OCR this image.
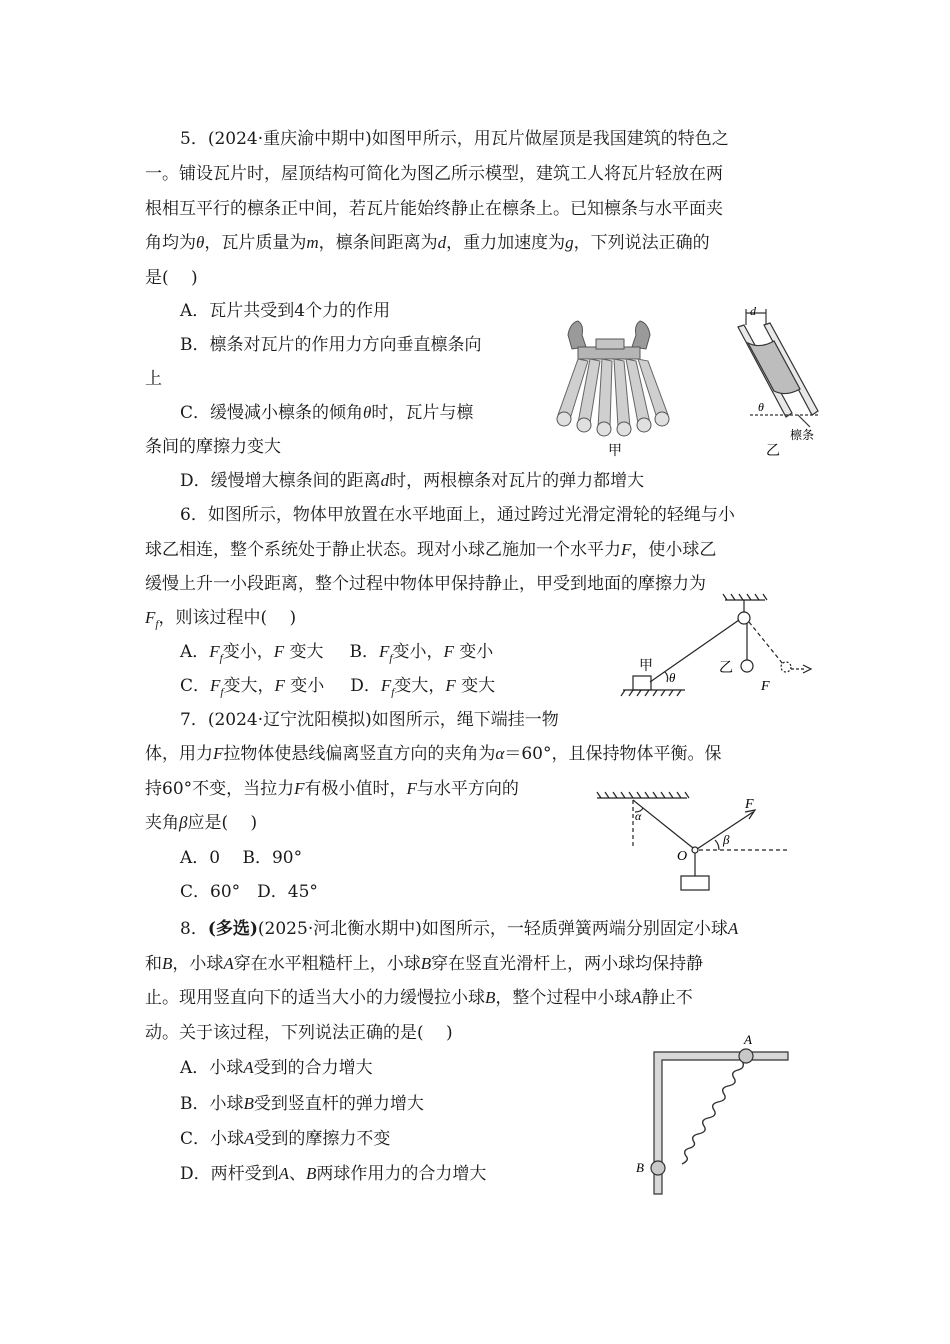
5．(2024·重庆渝中期中)如图甲所示，用瓦片做屋顶是我国建筑的特色之
一。铺设瓦片时，屋顶结构可简化为图乙所示模型，建筑工人将瓦片轻放在两
根相互平行的檩条正中间，若瓦片能始终静止在檩条上。已知檩条与水平面夹
角均为θ，瓦片质量为m，檩条间距离为d，重力加速度为g，下列说法正确的
是(　 )
A．瓦片共受到4个力的作用
B．檩条对瓦片的作用力方向垂直檩条向
上
C．缓慢减小檩条的倾角θ时，瓦片与檩
条间的摩擦力变大
D．缓慢增大檩条间的距离d时，两根檩条对瓦片的弹力都增大
甲
d
θ
檩条
乙
6．如图所示，物体甲放置在水平地面上，通过跨过光滑定滑轮的轻绳与小
球乙相连，整个系统处于静止状态。现对小球乙施加一个水平力F，使小球乙
缓慢上升一小段距离，整个过程中物体甲保持静止，甲受到地面的摩擦力为
$F_f$，则该过程中(　 )
A．$F_f$变小，F 变大 B．$F_f$变小，F 变小
C．$F_f$变大，F 变小 D．$F_f$变大，F 变大
甲
θ
乙
F
7．(2024·辽宁沈阳模拟)如图所示，绳下端挂一物
体，用力F拉物体使悬线偏离竖直方向的夹角为α＝60°，且保持物体平衡。保
持60°不变，当拉力F有极小值时，F与水平方向的
夹角β应是(　 )
A．0　 B．90°
C．60°　D．45°
α
O
F
β
8．(多选)(2025·河北衡水期中)如图所示，一轻质弹簧两端分别固定小球A
和B，小球A穿在水平粗糙杆上，小球B穿在竖直光滑杆上，两小球均保持静
止。现用竖直向下的适当大小的力缓慢拉小球B，整个过程中小球A静止不
动。关于该过程，下列说法正确的是(　 )
A．小球A受到的合力增大
B．小球B受到竖直杆的弹力增大
C．小球A受到的摩擦力不变
D．两杆受到A、B两球作用力的合力增大
A
B
